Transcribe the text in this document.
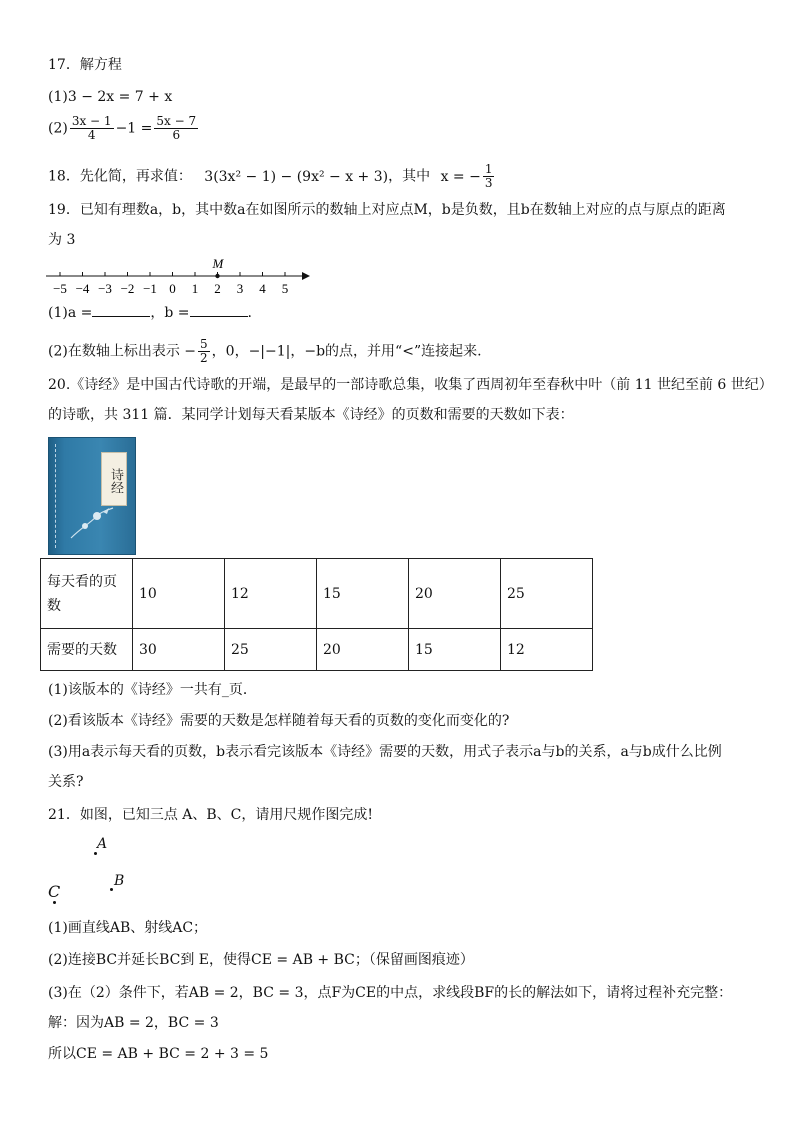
17．解方程
(1)3 − 2x = 7 + x
$(2) \frac{3x - 1}{4} -1 = \frac{5x - 7}{6}$
18．先化简，再求值： 3(3x² − 1) − (9x² − x + 3)，其中 x = − $\frac{1}{3}$
19．已知有理数a，b，其中数a在如图所示的数轴上对应点M，b是负数，且b在数轴上对应的点与原点的距离
为 3
−5 −4 −3 −2 −1 0 1 2 3 4 5
M
(1)a =	，b =	.
(2)在数轴上标出表示 − $\frac{5}{2}$ ，0，−|−1|，−b的点，并用“<”连接起来.
20.《诗经》是中国古代诗歌的开端，是最早的一部诗歌总集，收集了西周初年至春秋中叶（前 11 世纪至前 6 世纪）
的诗歌，共 311 篇．某同学计划每天看某版本《诗经》的页数和需要的天数如下表：
诗经
每天看的页
数	10	12	15	20	25
需要的天数	30	25	20	15	12
(1)该版本的《诗经》一共有_页．
(2)看该版本《诗经》需要的天数是怎样随着每天看的页数的变化而变化的?
(3)用a表示每天看的页数，b表示看完该版本《诗经》需要的天数，用式子表示a与b的关系，a与b成什么比例
关系?
21．如图，已知三点 A、B、C，请用尺规作图完成!
A
B
C
(1)画直线AB、射线AC；
(2)连接BC并延长BC到 E，使得CE = AB + BC；（保留画图痕迹）
(3)在（2）条件下，若AB = 2，BC = 3，点F为CE的中点，求线段BF的长的解法如下，请将过程补充完整：
解：因为AB = 2，BC = 3
所以CE = AB + BC = 2 + 3 = 5
